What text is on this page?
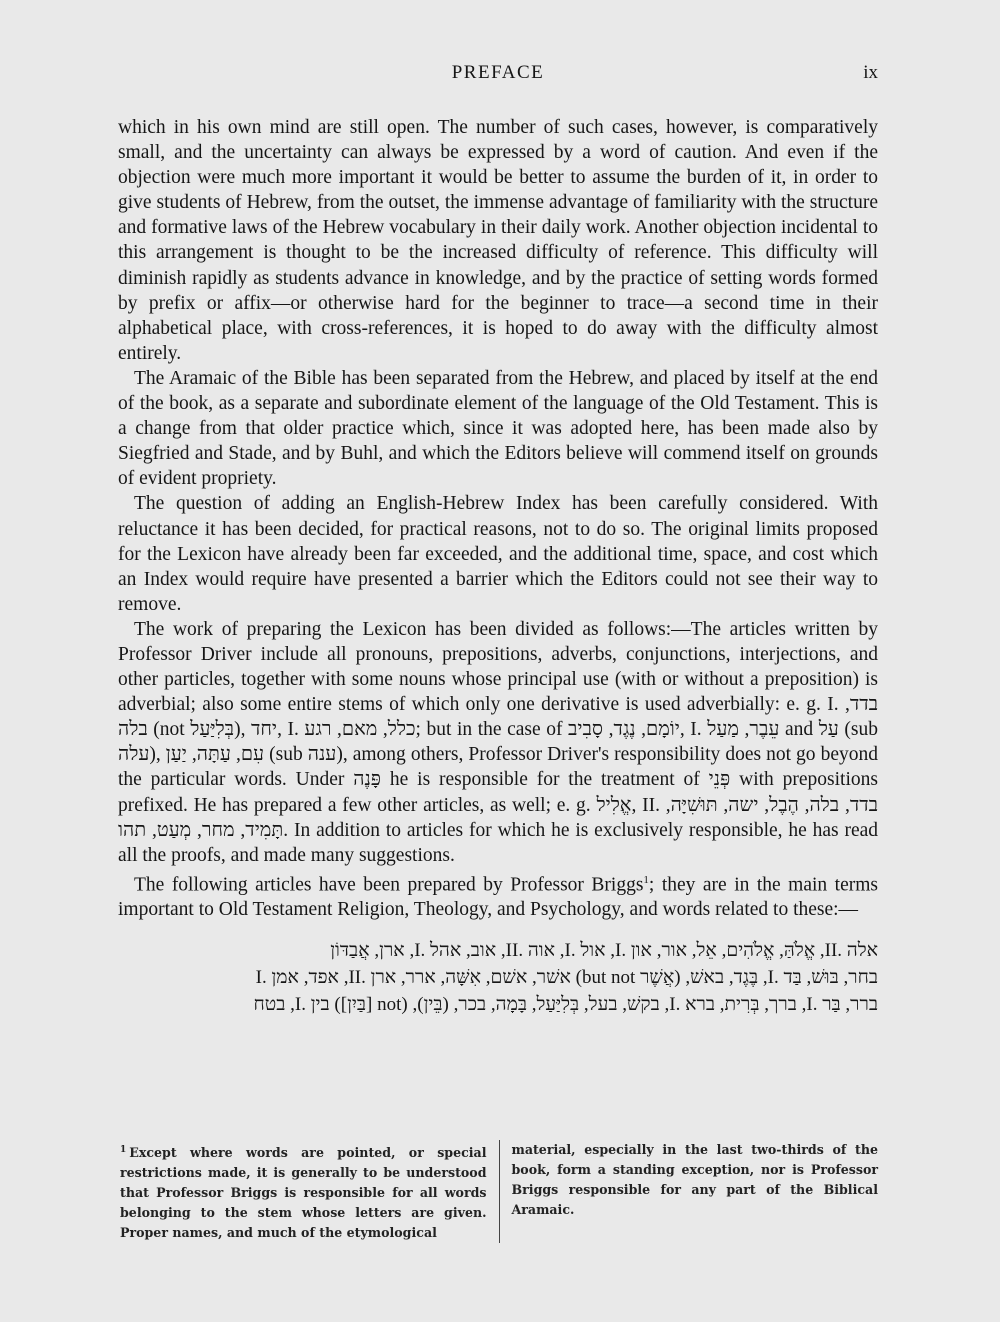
PREFACE	ix

which in his own mind are still open. The number of such cases, however, is comparatively small, and the uncertainty can always be expressed by a word of caution. And even if the objection were much more important it would be better to assume the burden of it, in order to give students of Hebrew, from the outset, the immense advantage of familiarity with the structure and formative laws of the Hebrew vocabulary in their daily work. Another objection incidental to this arrangement is thought to be the increased difficulty of reference. This difficulty will diminish rapidly as students advance in knowledge, and by the practice of setting words formed by prefix or affix—or otherwise hard for the beginner to trace—a second time in their alphabetical place, with cross-references, it is hoped to do away with the difficulty almost entirely.

The Aramaic of the Bible has been separated from the Hebrew, and placed by itself at the end of the book, as a separate and subordinate element of the language of the Old Testament. This is a change from that older practice which, since it was adopted here, has been made also by Siegfried and Stade, and by Buhl, and which the Editors believe will commend itself on grounds of evident propriety.

The question of adding an English-Hebrew Index has been carefully considered. With reluctance it has been decided, for practical reasons, not to do so. The original limits proposed for the Lexicon have already been far exceeded, and the additional time, space, and cost which an Index would require have presented a barrier which the Editors could not see their way to remove.

The work of preparing the Lexicon has been divided as follows:—The articles written by Professor Driver include all pronouns, prepositions, adverbs, conjunctions, interjections, and other particles, together with some nouns whose principal use (with or without a preposition) is adverbial; also some entire stems of which only one derivative is used adverbially: e. g. I. בדד, בלה (not בְּלִיַּעַל), יחד, I. כלל, מאם, רגע; but in the case of יוֹמָם, נֶגֶד, סָבִיב, I. עֵבֶר, מַעַל and עַל (sub עלה), עִם, עַתָּה, יַעַן (sub ענה), among others, Professor Driver's responsibility does not go beyond the particular words. Under פָּנֶה he is responsible for the treatment of פְּנֵי with prepositions prefixed. He has prepared a few other articles, as well; e. g. אֱלִיל, II. בדד, בלה, הֶבֶל, ישה, תּוּשִׁיָּה, תָּמִיד, מחר, מְעַט, תהו. In addition to articles for which he is exclusively responsible, he has read all the proofs, and made many suggestions.

The following articles have been prepared by Professor Briggs$^1$; they are in the main terms important to Old Testament Religion, Theology, and Psychology, and words related to these:—

אלה .II, אֱלֹהַּ, אֱלֹהִים, אֵל, אור, און .I, אול .I, אוה .II, אוב, אהל .I, ארן, אֲבַדּוֹן
בחר, בּוּשׁ, בַּד .I, בֶּגֶד, באשׁ, (אֲשֶׁר but not) אשׁר, אשׁם, אִשָּׁה, ארר, ארן .II, אפד, אמן .I
ברר, בַּר .I, ברך, בְּרִית, ברא .I, בקשׁ, בעל, בְּלִיַּעַל, בָּמָה, בכר, (בֵּין), (not [בַּיִן]) בין .I, בטח
$^1$ Except where words are pointed, or special restrictions made, it is generally to be understood that Professor Briggs is responsible for all words belonging to the stem whose letters are given. Proper names, and much of the etymological
material, especially in the last two-thirds of the book, form a standing exception, nor is Professor Briggs responsible for any part of the Biblical Aramaic.
